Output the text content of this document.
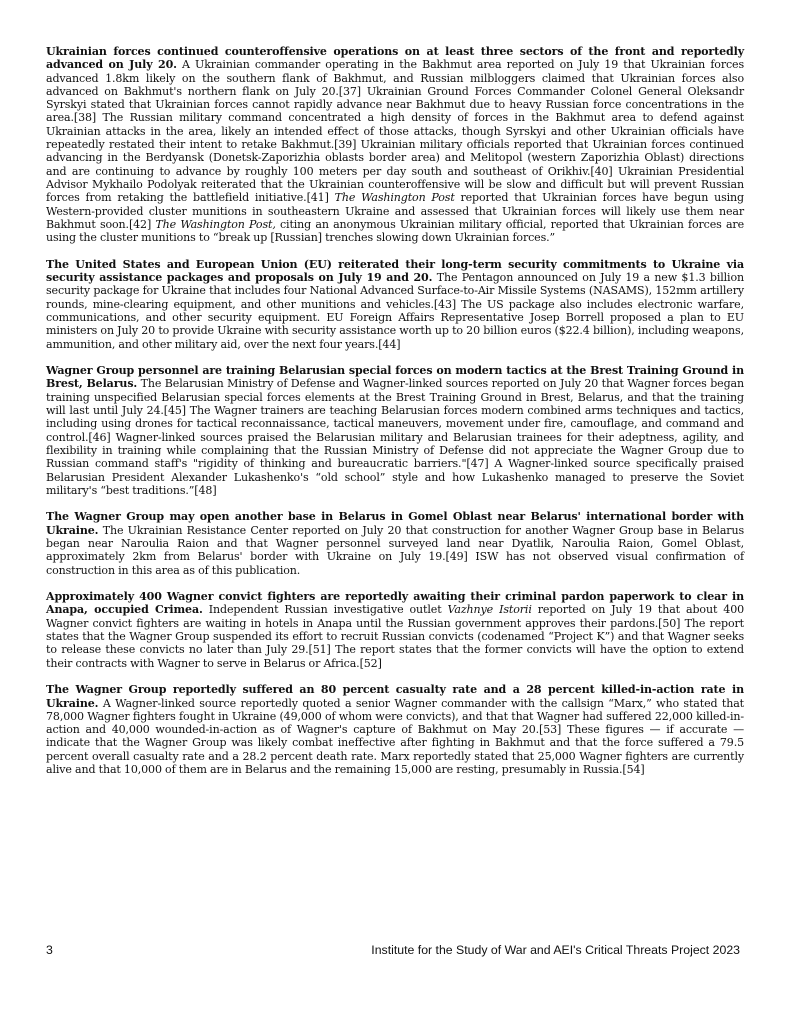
Ukrainian forces continued counteroffensive operations on at least three sectors of the front and reportedly advanced on July 20. A Ukrainian commander operating in the Bakhmut area reported on July 19 that Ukrainian forces advanced 1.8km likely on the southern flank of Bakhmut, and Russian milbloggers claimed that Ukrainian forces also advanced on Bakhmut's northern flank on July 20.[37] Ukrainian Ground Forces Commander Colonel General Oleksandr Syrskyi stated that Ukrainian forces cannot rapidly advance near Bakhmut due to heavy Russian force concentrations in the area.[38] The Russian military command concentrated a high density of forces in the Bakhmut area to defend against Ukrainian attacks in the area, likely an intended effect of those attacks, though Syrskyi and other Ukrainian officials have repeatedly restated their intent to retake Bakhmut.[39] Ukrainian military officials reported that Ukrainian forces continued advancing in the Berdyansk (Donetsk-Zaporizhia oblasts border area) and Melitopol (western Zaporizhia Oblast) directions and are continuing to advance by roughly 100 meters per day south and southeast of Orikhiv.[40] Ukrainian Presidential Advisor Mykhailo Podolyak reiterated that the Ukrainian counteroffensive will be slow and difficult but will prevent Russian forces from retaking the battlefield initiative.[41] The Washington Post reported that Ukrainian forces have begun using Western-provided cluster munitions in southeastern Ukraine and assessed that Ukrainian forces will likely use them near Bakhmut soon.[42] The Washington Post, citing an anonymous Ukrainian military official, reported that Ukrainian forces are using the cluster munitions to “break up [Russian] trenches slowing down Ukrainian forces.”

The United States and European Union (EU) reiterated their long-term security commitments to Ukraine via security assistance packages and proposals on July 19 and 20. The Pentagon announced on July 19 a new $1.3 billion security package for Ukraine that includes four National Advanced Surface-to-Air Missile Systems (NASAMS), 152mm artillery rounds, mine-clearing equipment, and other munitions and vehicles.[43] The US package also includes electronic warfare, communications, and other security equipment. EU Foreign Affairs Representative Josep Borrell proposed a plan to EU ministers on July 20 to provide Ukraine with security assistance worth up to 20 billion euros ($22.4 billion), including weapons, ammunition, and other military aid, over the next four years.[44]

Wagner Group personnel are training Belarusian special forces on modern tactics at the Brest Training Ground in Brest, Belarus. The Belarusian Ministry of Defense and Wagner-linked sources reported on July 20 that Wagner forces began training unspecified Belarusian special forces elements at the Brest Training Ground in Brest, Belarus, and that the training will last until July 24.[45] The Wagner trainers are teaching Belarusian forces modern combined arms techniques and tactics, including using drones for tactical reconnaissance, tactical maneuvers, movement under fire, camouflage, and command and control.[46] Wagner-linked sources praised the Belarusian military and Belarusian trainees for their adeptness, agility, and flexibility in training while complaining that the Russian Ministry of Defense did not appreciate the Wagner Group due to Russian command staff's "rigidity of thinking and bureaucratic barriers."[47] A Wagner-linked source specifically praised Belarusian President Alexander Lukashenko's “old school” style and how Lukashenko managed to preserve the Soviet military's “best traditions.”[48]

The Wagner Group may open another base in Belarus in Gomel Oblast near Belarus' international border with Ukraine. The Ukrainian Resistance Center reported on July 20 that construction for another Wagner Group base in Belarus began near Naroulia Raion and that Wagner personnel surveyed land near Dyatlik, Naroulia Raion, Gomel Oblast, approximately 2km from Belarus' border with Ukraine on July 19.[49] ISW has not observed visual confirmation of construction in this area as of this publication.

Approximately 400 Wagner convict fighters are reportedly awaiting their criminal pardon paperwork to clear in Anapa, occupied Crimea. Independent Russian investigative outlet Vazhnye Istorii reported on July 19 that about 400 Wagner convict fighters are waiting in hotels in Anapa until the Russian government approves their pardons.[50] The report states that the Wagner Group suspended its effort to recruit Russian convicts (codenamed “Project K”) and that Wagner seeks to release these convicts no later than July 29.[51] The report states that the former convicts will have the option to extend their contracts with Wagner to serve in Belarus or Africa.[52]

The Wagner Group reportedly suffered an 80 percent casualty rate and a 28 percent killed-in-action rate in Ukraine. A Wagner-linked source reportedly quoted a senior Wagner commander with the callsign “Marx,” who stated that 78,000 Wagner fighters fought in Ukraine (49,000 of whom were convicts), and that that Wagner had suffered 22,000 killed-in-action and 40,000 wounded-in-action as of Wagner's capture of Bakhmut on May 20.[53] These figures — if accurate — indicate that the Wagner Group was likely combat ineffective after fighting in Bakhmut and that the force suffered a 79.5 percent overall casualty rate and a 28.2 percent death rate. Marx reportedly stated that 25,000 Wagner fighters are currently alive and that 10,000 of them are in Belarus and the remaining 15,000 are resting, presumably in Russia.[54]

3	Institute for the Study of War and AEI's Critical Threats Project 2023
